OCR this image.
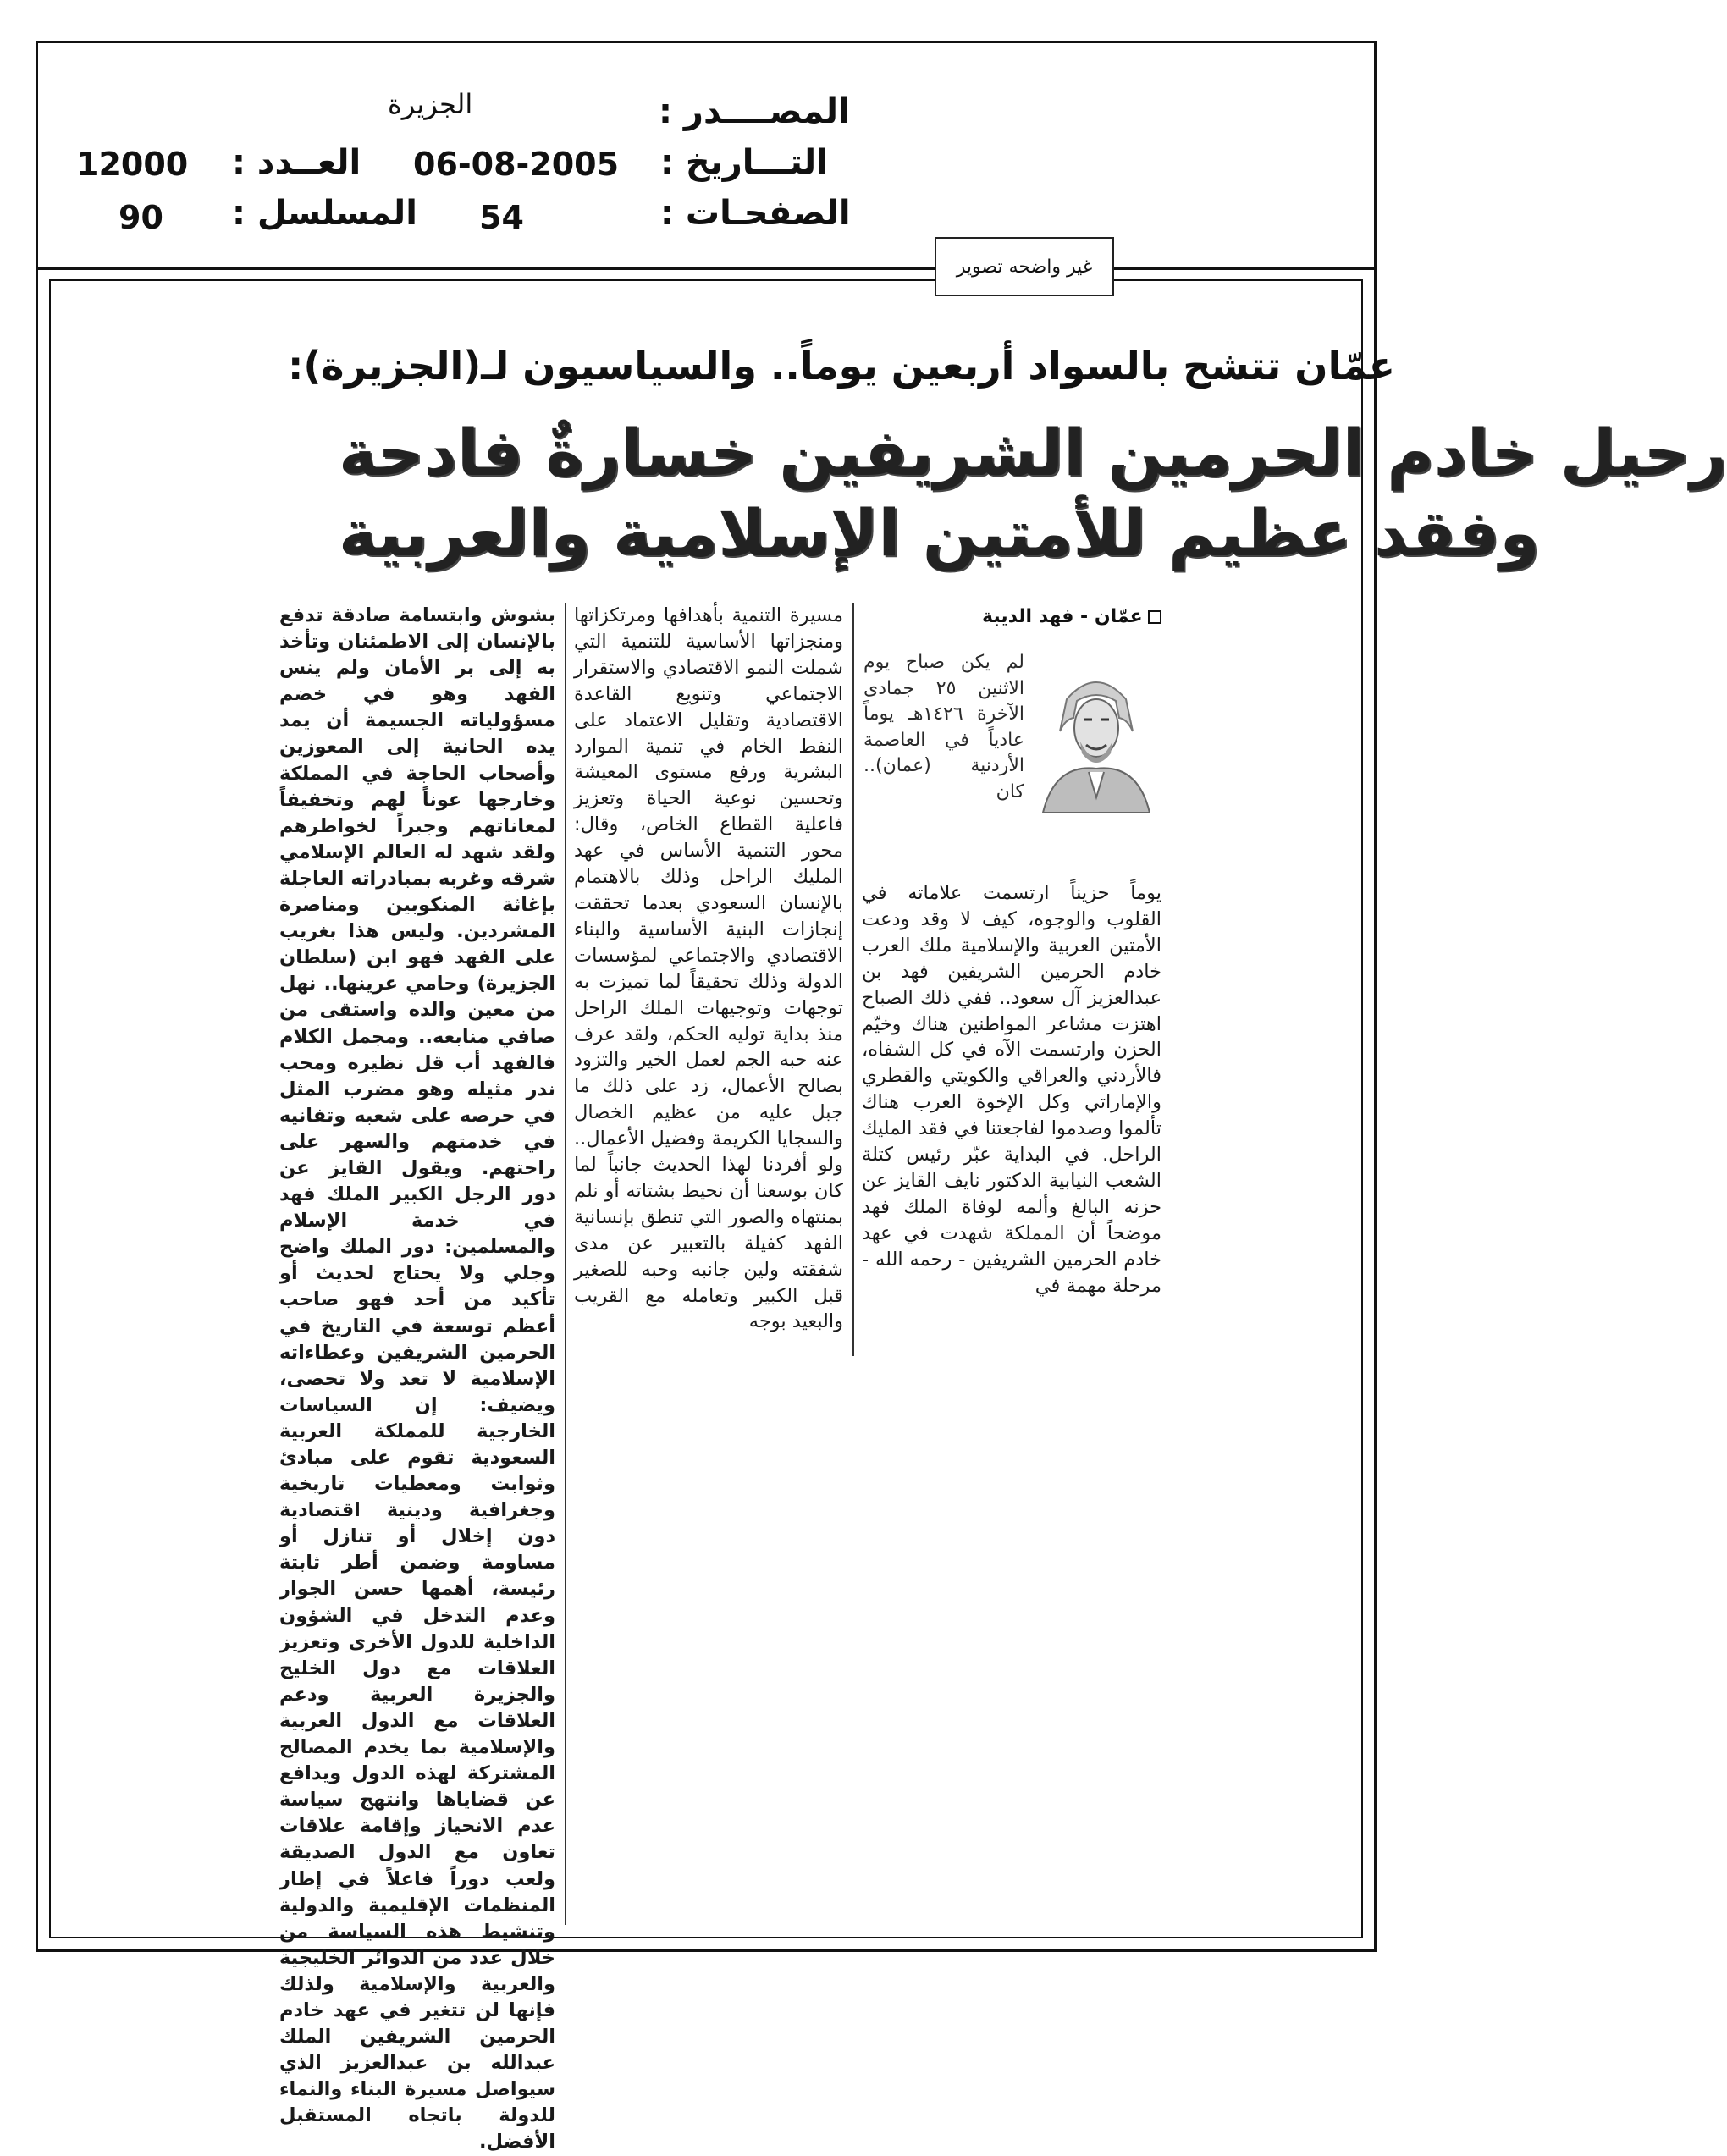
المصــــدر :
الجزيرة
التـــاريخ :
06-08-2005
العــدد :
12000
الصفحـات :
54
المسلسل :
90
غير واضحه تصوير
عمّان تتشح بالسواد أربعين يوماً.. والسياسيون لـ(الجزيرة):
رحيل خادم الحرمين الشريفين خسارةٌ فادحة
وفقد عظيم للأمتين الإسلامية والعربية
عمّان - فهد الديبة
لم يكن صباح يوم الاثنين ٢٥ جمادى الآخرة ١٤٢٦هـ يوماً عادياً في العاصمة الأردنية (عمان).. كان
يوماً حزيناً ارتسمت علاماته في القلوب والوجوه، كيف لا وقد ودعت الأمتين العربية والإسلامية ملك العرب خادم الحرمين الشريفين فهد بن عبدالعزيز آل سعود.. ففي ذلك الصباح اهتزت مشاعر المواطنين هناك وخيّم الحزن وارتسمت الآه في كل الشفاه، فالأردني والعراقي والكويتي والقطري والإماراتي وكل الإخوة العرب هناك تألموا وصدموا لفاجعتنا في فقد المليك الراحل. في البداية عبّر رئيس كتلة الشعب النيابية الدكتور نايف القايز عن حزنه البالغ وألمه لوفاة الملك فهد موضحاً أن المملكة شهدت في عهد خادم الحرمين الشريفين - رحمه الله - مرحلة مهمة في
مسيرة التنمية بأهدافها ومرتكزاتها ومنجزاتها الأساسية للتنمية التي شملت النمو الاقتصادي والاستقرار الاجتماعي وتنويع القاعدة الاقتصادية وتقليل الاعتماد على النفط الخام في تنمية الموارد البشرية ورفع مستوى المعيشة وتحسين نوعية الحياة وتعزيز فاعلية القطاع الخاص، وقال: محور التنمية الأساس في عهد المليك الراحل وذلك بالاهتمام بالإنسان السعودي بعدما تحققت إنجازات البنية الأساسية والبناء الاقتصادي والاجتماعي لمؤسسات الدولة وذلك تحقيقاً لما تميزت به توجهات وتوجيهات الملك الراحل منذ بداية توليه الحكم، ولقد عرف عنه حبه الجم لعمل الخير والتزود بصالح الأعمال، زد على ذلك ما جبل عليه من عظيم الخصال والسجايا الكريمة وفضيل الأعمال.. ولو أفردنا لهذا الحديث جانباً لما كان بوسعنا أن نحيط بشتاته أو نلم بمنتهاه والصور التي تنطق بإنسانية الفهد كفيلة بالتعبير عن مدى شفقته ولين جانبه وحبه للصغير قبل الكبير وتعامله مع القريب والبعيد بوجه
بشوش وابتسامة صادقة تدفع بالإنسان إلى الاطمئنان وتأخذ به إلى بر الأمان ولم ينس الفهد وهو في خضم مسؤولياته الجسيمة أن يمد يده الحانية إلى المعوزين وأصحاب الحاجة في المملكة وخارجها عوناً لهم وتخفيفاً لمعاناتهم وجبراً لخواطرهم ولقد شهد له العالم الإسلامي شرقه وغربه بمبادراته العاجلة بإغاثة المنكوبين ومناصرة المشردين. وليس هذا بغريب على الفهد فهو ابن (سلطان الجزيرة) وحامي عرينها.. نهل من معين والده واستقى من صافي منابعه.. ومجمل الكلام فالفهد أب قل نظيره ومحب ندر مثيله وهو مضرب المثل في حرصه على شعبه وتفانيه في خدمتهم والسهر على راحتهم. ويقول القايز عن دور الرجل الكبير الملك فهد في خدمة الإسلام والمسلمين: دور الملك واضح وجلي ولا يحتاج لحديث أو تأكيد من أحد فهو صاحب أعظم توسعة في التاريخ في الحرمين الشريفين وعطاءاته الإسلامية لا تعد ولا تحصى، ويضيف: إن السياسات الخارجية للمملكة العربية السعودية تقوم على مبادئ وثوابت ومعطيات تاريخية وجغرافية ودينية اقتصادية دون إخلال أو تنازل أو مساومة وضمن أطر ثابتة رئيسة، أهمها حسن الجوار وعدم التدخل في الشؤون الداخلية للدول الأخرى وتعزيز العلاقات مع دول الخليج والجزيرة العربية ودعم العلاقات مع الدول العربية والإسلامية بما يخدم المصالح المشتركة لهذه الدول ويدافع عن قضاياها وانتهج سياسة عدم الانحياز وإقامة علاقات تعاون مع الدول الصديقة ولعب دوراً فاعلاً في إطار المنظمات الإقليمية والدولية وتنشيط هذه السياسة من خلال عدد من الدوائر الخليجية والعربية والإسلامية ولذلك فإنها لن تتغير في عهد خادم الحرمين الشريفين الملك عبدالله بن عبدالعزيز الذي سيواصل مسيرة البناء والنماء للدولة باتجاه المستقبل الأفضل.
